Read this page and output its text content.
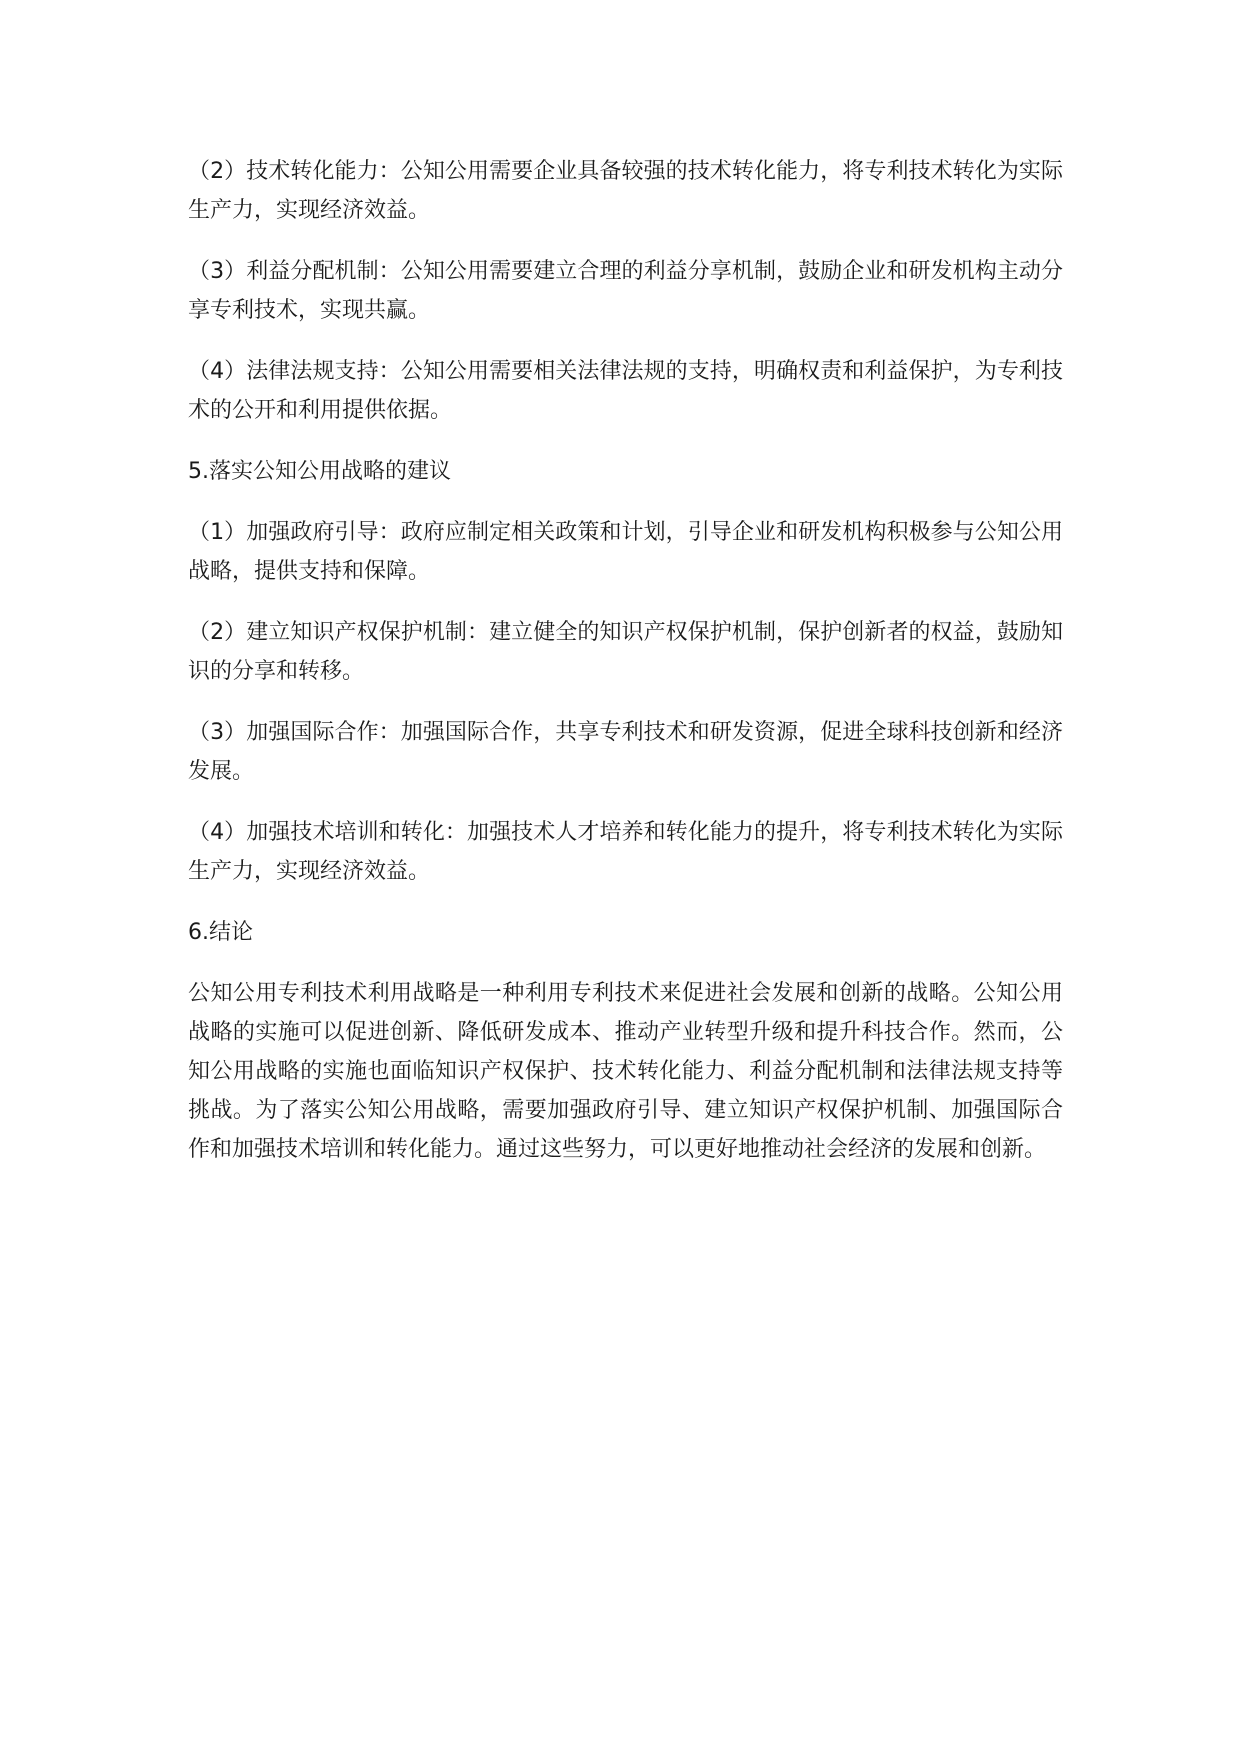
（2）技术转化能力：公知公用需要企业具备较强的技术转化能力，将专利技术转化为实际生产力，实现经济效益。

（3）利益分配机制：公知公用需要建立合理的利益分享机制，鼓励企业和研发机构主动分享专利技术，实现共赢。

（4）法律法规支持：公知公用需要相关法律法规的支持，明确权责和利益保护，为专利技术的公开和利用提供依据。

5.落实公知公用战略的建议

（1）加强政府引导：政府应制定相关政策和计划，引导企业和研发机构积极参与公知公用战略，提供支持和保障。

（2）建立知识产权保护机制：建立健全的知识产权保护机制，保护创新者的权益，鼓励知识的分享和转移。

（3）加强国际合作：加强国际合作，共享专利技术和研发资源，促进全球科技创新和经济发展。

（4）加强技术培训和转化：加强技术人才培养和转化能力的提升，将专利技术转化为实际生产力，实现经济效益。

6.结论

公知公用专利技术利用战略是一种利用专利技术来促进社会发展和创新的战略。公知公用战略的实施可以促进创新、降低研发成本、推动产业转型升级和提升科技合作。然而，公知公用战略的实施也面临知识产权保护、技术转化能力、利益分配机制和法律法规支持等挑战。为了落实公知公用战略，需要加强政府引导、建立知识产权保护机制、加强国际合作和加强技术培训和转化能力。通过这些努力，可以更好地推动社会经济的发展和创新。
